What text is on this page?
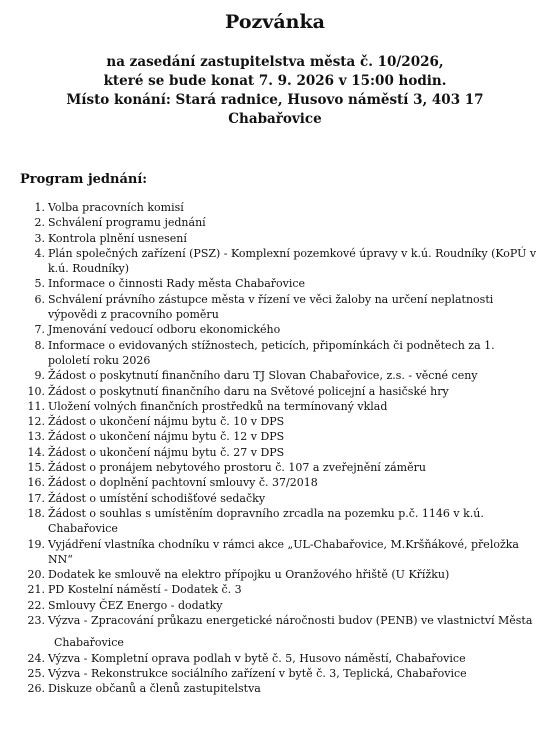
Pozvánka
na zasedání zastupitelstva města č. 10/2026,
které se bude konat 7. 9. 2026 v 15:00 hodin.
Místo konání: Stará radnice, Husovo náměstí 3, 403 17
Chabařovice
Program jednání:
1. Volba pracovních komisí
2. Schválení programu jednání
3. Kontrola plnění usnesení
4. Plán společných zařízení (PSZ) - Komplexní pozemkové úpravy v k.ú. Roudníky (KoPÚ v
k.ú. Roudníky)
5. Informace o činnosti Rady města Chabařovice
6. Schválení právního zástupce města v řízení ve věci žaloby na určení neplatnosti
výpovědi z pracovního poměru
7. Jmenování vedoucí odboru ekonomického
8. Informace o evidovaných stížnostech, peticích, připomínkách či podnětech za 1.
pololetí roku 2026
9. Žádost o poskytnutí finančního daru TJ Slovan Chabařovice, z.s. - věcné ceny
10. Žádost o poskytnutí finančního daru na Světové policejní a hasičské hry
11. Uložení volných finančních prostředků na termínovaný vklad
12. Žádost o ukončení nájmu bytu č. 10 v DPS
13. Žádost o ukončení nájmu bytu č. 12 v DPS
14. Žádost o ukončení nájmu bytu č. 27 v DPS
15. Žádost o pronájem nebytového prostoru č. 107 a zveřejnění záměru
16. Žádost o doplnění pachtovní smlouvy č. 37/2018
17. Žádost o umístění schodišťové sedačky
18. Žádost o souhlas s umístěním dopravního zrcadla na pozemku p.č. 1146 v k.ú.
Chabařovice
19. Vyjádření vlastníka chodníku v rámci akce „UL-Chabařovice, M.Kršňákové, přeložka
NN“
20. Dodatek ke smlouvě na elektro přípojku u Oranžového hřiště (U Křížku)
21. PD Kostelní náměstí - Dodatek č. 3
22. Smlouvy ČEZ Energo - dodatky
23. Výzva - Zpracování průkazu energetické náročnosti budov (PENB) ve vlastnictví Města
Chabařovice
24. Výzva - Kompletní oprava podlah v bytě č. 5, Husovo náměstí, Chabařovice
25. Výzva - Rekonstrukce sociálního zařízení v bytě č. 3, Teplická, Chabařovice
26. Diskuze občanů a členů zastupitelstva
